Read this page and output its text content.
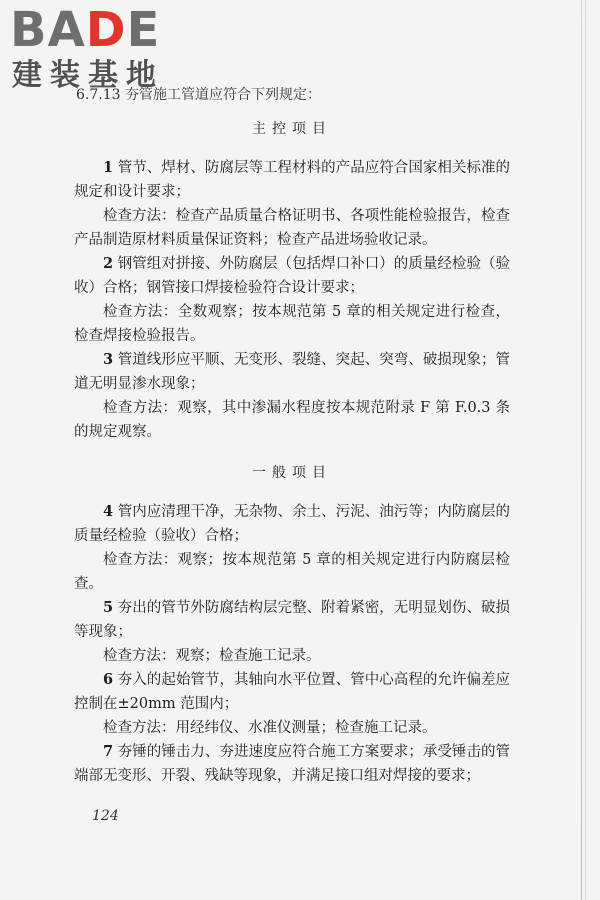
BADE
建装基地
6.7.13 夯管施工管道应符合下列规定：
主控项目

1 管节、焊材、防腐层等工程材料的产品应符合国家相关标准的规定和设计要求；

检查方法：检查产品质量合格证明书、各项性能检验报告，检查产品制造原材料质量保证资料；检查产品进场验收记录。

2 钢管组对拼接、外防腐层（包括焊口补口）的质量经检验（验收）合格；钢管接口焊接检验符合设计要求；

检查方法：全数观察；按本规范第 5 章的相关规定进行检查，检查焊接检验报告。

3 管道线形应平顺、无变形、裂缝、突起、突弯、破损现象；管道无明显渗水现象；

检查方法：观察，其中渗漏水程度按本规范附录 F 第 F.0.3 条的规定观察。

一般项目

4 管内应清理干净，无杂物、余土、污泥、油污等；内防腐层的质量经检验（验收）合格；

检查方法：观察；按本规范第 5 章的相关规定进行内防腐层检查。

5 夯出的管节外防腐结构层完整、附着紧密，无明显划伤、破损等现象；

检查方法：观察；检查施工记录。

6 夯入的起始管节，其轴向水平位置、管中心高程的允许偏差应控制在±20mm 范围内；

检查方法：用经纬仪、水准仪测量；检查施工记录。

7 夯锤的锤击力、夯进速度应符合施工方案要求；承受锤击的管端部无变形、开裂、残缺等现象，并满足接口组对焊接的要求；

124
